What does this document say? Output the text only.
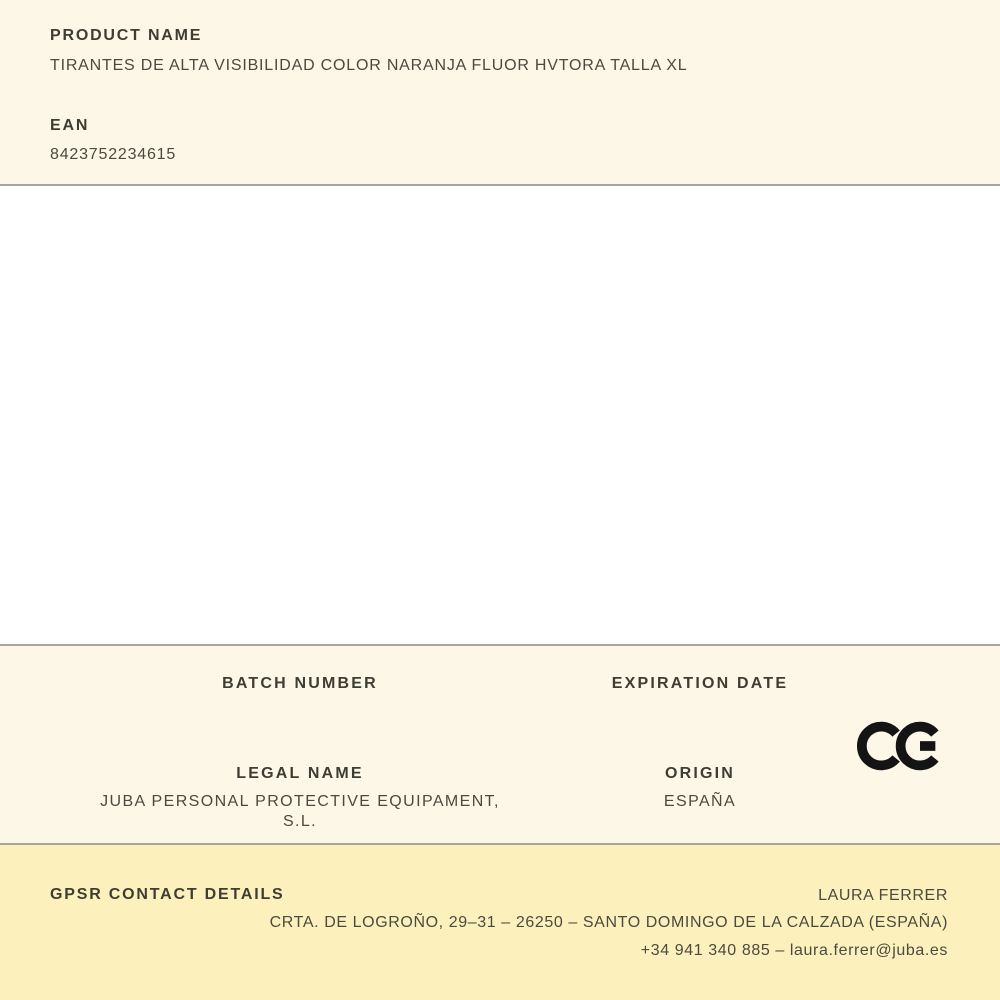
PRODUCT NAME
TIRANTES DE ALTA VISIBILIDAD COLOR NARANJA FLUOR HVTORA TALLA XL
EAN
8423752234615
BATCH NUMBER	EXPIRATION DATE
LEGAL NAME
JUBA PERSONAL PROTECTIVE EQUIPAMENT, S.L.
ORIGIN
ESPAÑA
GPSR CONTACT DETAILS	LAURA FERRER
CRTA. DE LOGROÑO, 29–31 – 26250 – SANTO DOMINGO DE LA CALZADA (ESPAÑA)
+34 941 340 885 – laura.ferrer@juba.es
